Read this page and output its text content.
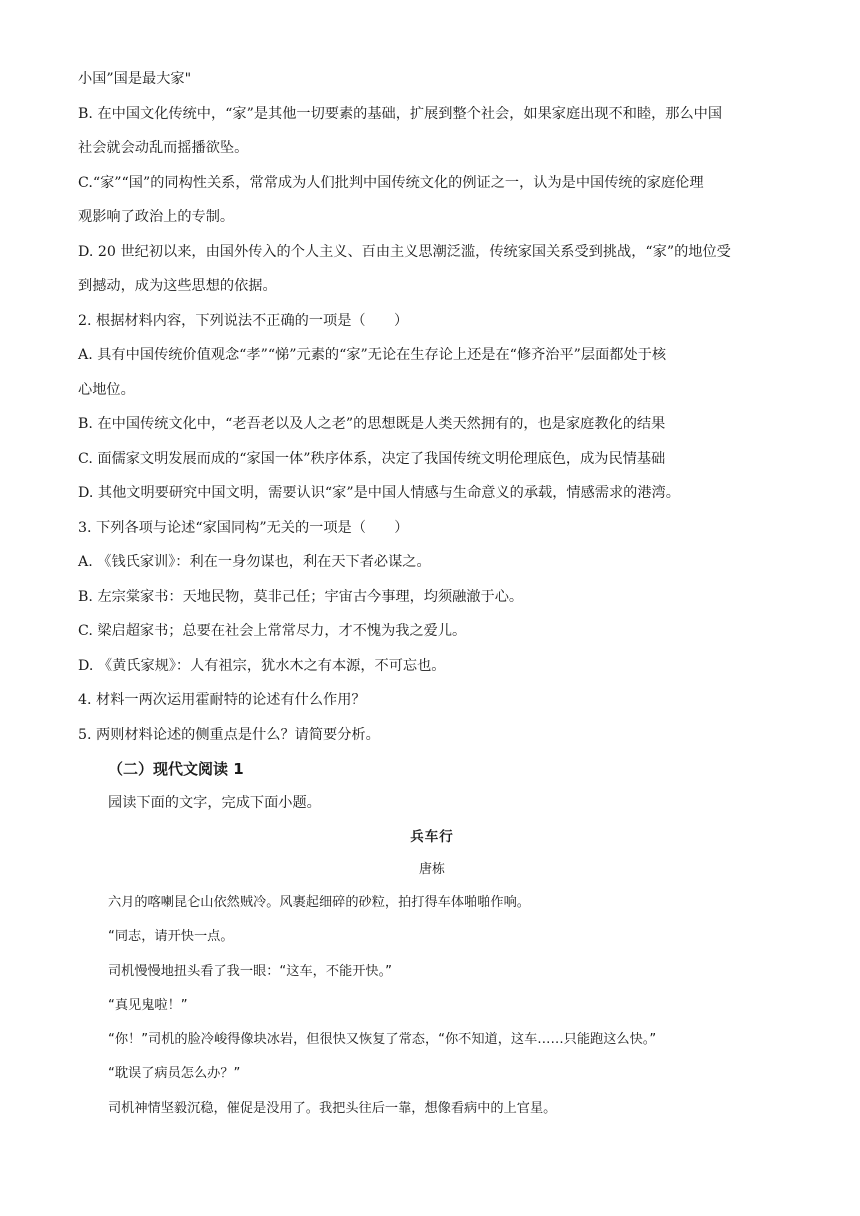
小国”国是最大家"

B. 在中国文化传统中，“家”是其他一切要素的基础，扩展到整个社会，如果家庭出现不和睦，那么中国

社会就会动乱而摇播欲坠。

C.“家”“国”的同构性关系，常常成为人们批判中国传统文化的例证之一，认为是中国传统的家庭伦理

观影响了政治上的专制。

D. 20 世纪初以来，由国外传入的个人主义、百由主义思潮泛滥，传统家国关系受到挑战，“家”的地位受

到撼动，成为这些思想的依据。

2. 根据材料内容，下列说法不正确的一项是（　　）

A. 具有中国传统价值观念“孝”“悌”元素的“家”无论在生存论上还是在“修齐治平”层面都处于核

心地位。

B. 在中国传统文化中，“老吾老以及人之老”的思想既是人类天然拥有的，也是家庭教化的结果

C. 面儒家文明发展而成的“家国一体”秩序体系，决定了我国传统文明伦理底色，成为民情基础

D. 其他文明要研究中国文明，需要认识“家”是中国人情感与生命意义的承载，情感需求的港湾。

3. 下列各项与论述“家国同构”无关的一项是（　　）

A. 《钱氏家训》：利在一身勿谋也，利在天下者必谋之。

B. 左宗棠家书：天地民物，莫非己任；宇宙古今事理，均须融澈于心。

C. 梁启超家书；总要在社会上常常尽力，才不愧为我之爱儿。

D. 《黄氏家规》：人有祖宗，犹水木之有本源，不可忘也。

4. 材料一两次运用霍耐特的论述有什么作用？

5. 两则材料论述的侧重点是什么？请简要分析。

（二）现代文阅读 1

园读下面的文字，完成下面小题。

兵车行

唐栋

六月的喀喇昆仑山依然贼冷。风裹起细碎的砂粒，拍打得车体啪啪作响。

“同志，请开快一点。

司机慢慢地扭头看了我一眼：“这车，不能开快。”

“真见鬼啦！”

“你！”司机的脸冷峻得像块冰岩，但很快又恢复了常态，“你不知道，这车……只能跑这么快。”

“耽误了病员怎么办？”

司机神情坚毅沉稳，催促是没用了。我把头往后一靠，想像看病中的上官星。
